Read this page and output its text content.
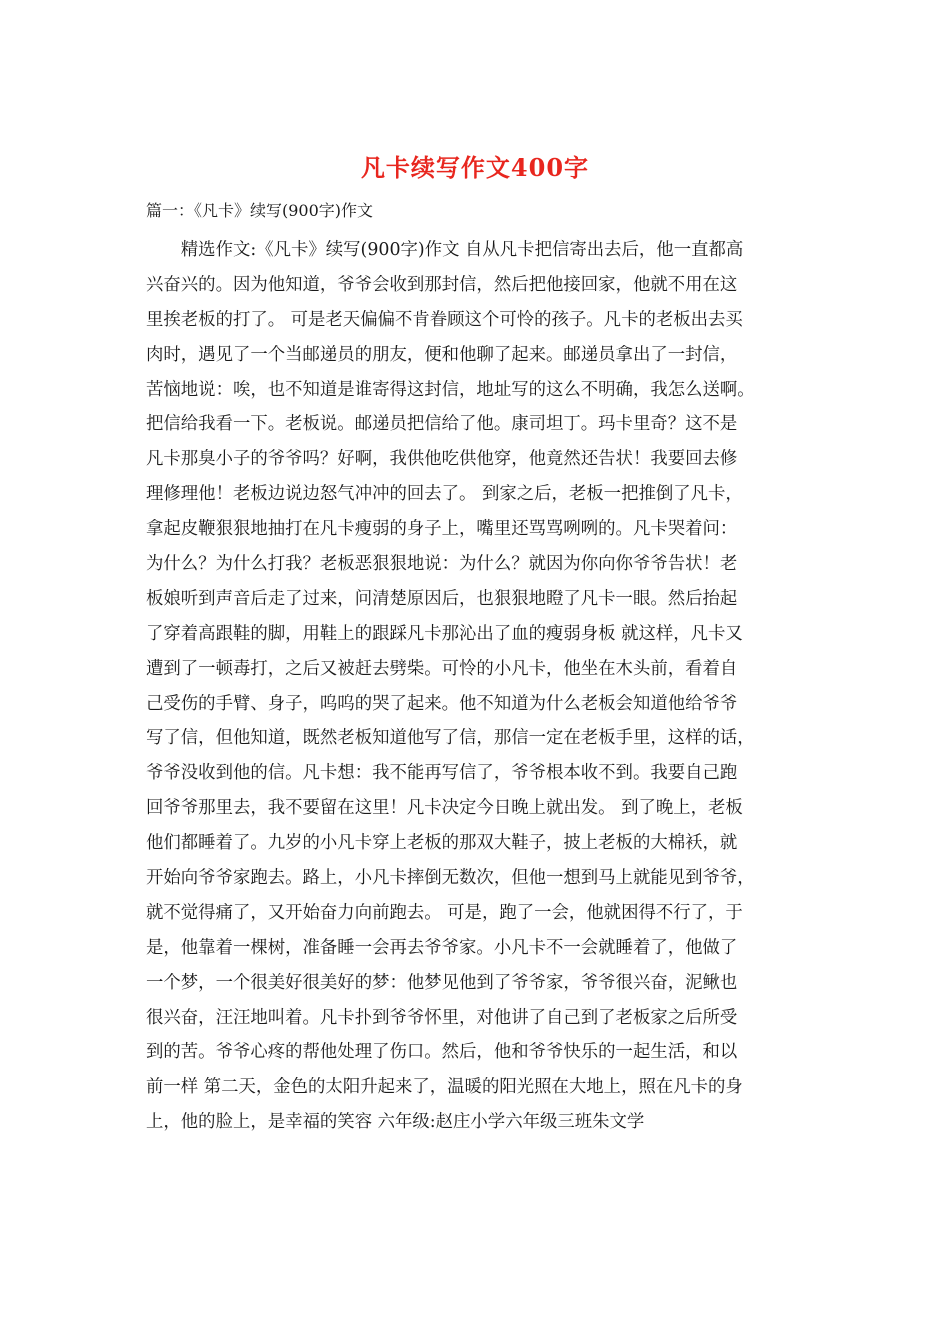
凡卡续写作文400字
篇一：《凡卡》续写(900字)作文
　　精选作文:《凡卡》续写(900字)作文 自从凡卡把信寄出去后，他一直都高
兴奋兴的。因为他知道，爷爷会收到那封信，然后把他接回家，他就不用在这
里挨老板的打了。 可是老天偏偏不肯眷顾这个可怜的孩子。凡卡的老板出去买
肉时，遇见了一个当邮递员的朋友，便和他聊了起来。邮递员拿出了一封信，
苦恼地说：唉，也不知道是谁寄得这封信，地址写的这么不明确，我怎么送啊。
把信给我看一下。老板说。邮递员把信给了他。康司坦丁。玛卡里奇？这不是
凡卡那臭小子的爷爷吗？好啊，我供他吃供他穿，他竟然还告状！我要回去修
理修理他！老板边说边怒气冲冲的回去了。 到家之后，老板一把推倒了凡卡，
拿起皮鞭狠狠地抽打在凡卡瘦弱的身子上，嘴里还骂骂咧咧的。凡卡哭着问：
为什么？为什么打我？老板恶狠狠地说：为什么？就因为你向你爷爷告状！老
板娘听到声音后走了过来，问清楚原因后，也狠狠地瞪了凡卡一眼。然后抬起
了穿着高跟鞋的脚，用鞋上的跟踩凡卡那沁出了血的瘦弱身板 就这样，凡卡又
遭到了一顿毒打，之后又被赶去劈柴。可怜的小凡卡，他坐在木头前，看着自
己受伤的手臂、身子，呜呜的哭了起来。他不知道为什么老板会知道他给爷爷
写了信，但他知道，既然老板知道他写了信，那信一定在老板手里，这样的话，
爷爷没收到他的信。凡卡想：我不能再写信了，爷爷根本收不到。我要自己跑
回爷爷那里去，我不要留在这里！凡卡决定今日晚上就出发。 到了晚上，老板
他们都睡着了。九岁的小凡卡穿上老板的那双大鞋子，披上老板的大棉袄，就
开始向爷爷家跑去。路上，小凡卡摔倒无数次，但他一想到马上就能见到爷爷，
就不觉得痛了，又开始奋力向前跑去。 可是，跑了一会，他就困得不行了，于
是，他靠着一棵树，准备睡一会再去爷爷家。小凡卡不一会就睡着了，他做了
一个梦，一个很美好很美好的梦：他梦见他到了爷爷家，爷爷很兴奋，泥鳅也
很兴奋，汪汪地叫着。凡卡扑到爷爷怀里，对他讲了自己到了老板家之后所受
到的苦。爷爷心疼的帮他处理了伤口。然后，他和爷爷快乐的一起生活，和以
前一样 第二天，金色的太阳升起来了，温暖的阳光照在大地上，照在凡卡的身
上，他的脸上，是幸福的笑容 六年级:赵庄小学六年级三班朱文学
